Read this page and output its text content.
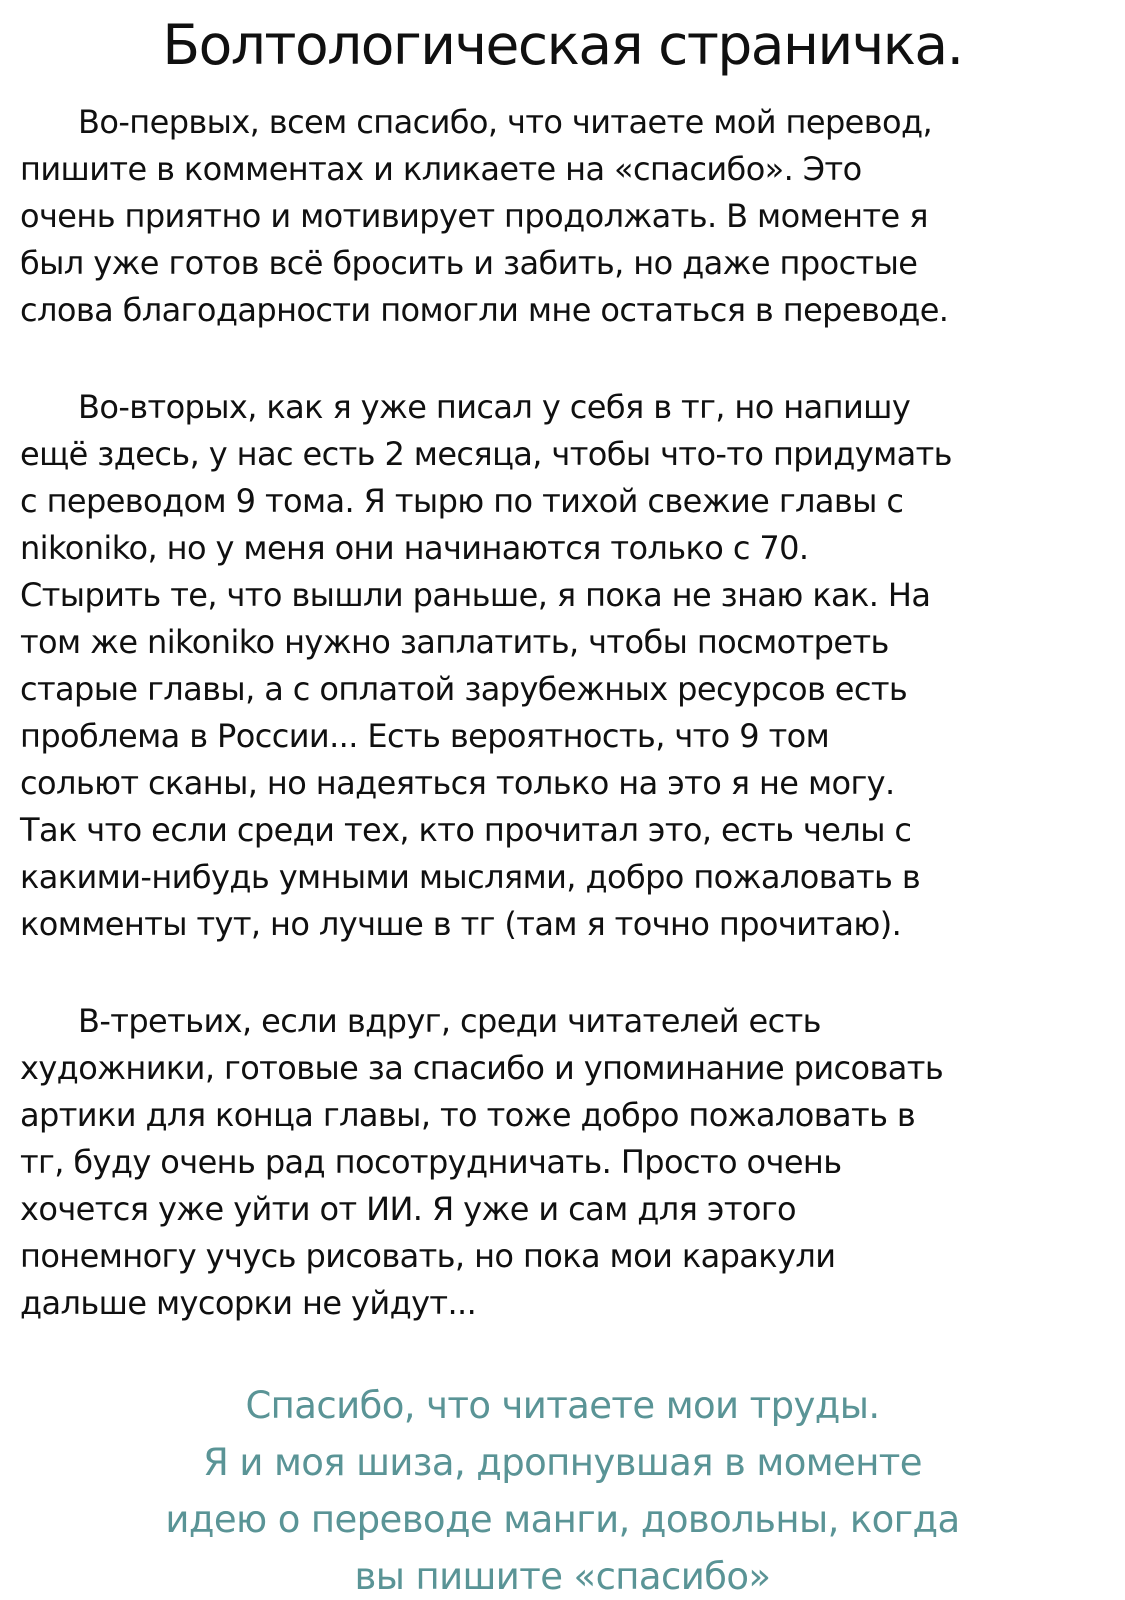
Болтологическая страничка.
Во-первых, всем спасибо, что читаете мой перевод,
пишите в комментах и кликаете на «спасибо». Это
очень приятно и мотивирует продолжать. В моменте я
был уже готов всё бросить и забить, но даже простые
слова благодарности помогли мне остаться в переводе.
Во-вторых, как я уже писал у себя в тг, но напишу
ещё здесь, у нас есть 2 месяца, чтобы что-то придумать
с переводом 9 тома. Я тырю по тихой свежие главы с
nikoniko, но у меня они начинаются только с 70.
Стырить те, что вышли раньше, я пока не знаю как. На
том же nikoniko нужно заплатить, чтобы посмотреть
старые главы, а с оплатой зарубежных ресурсов есть
проблема в России... Есть вероятность, что 9 том
сольют сканы, но надеяться только на это я не могу.
Так что если среди тех, кто прочитал это, есть челы с
какими-нибудь умными мыслями, добро пожаловать в
комменты тут, но лучше в тг (там я точно прочитаю).
В-третьих, если вдруг, среди читателей есть
художники, готовые за спасибо и упоминание рисовать
артики для конца главы, то тоже добро пожаловать в
тг, буду очень рад посотрудничать. Просто очень
хочется уже уйти от ИИ. Я уже и сам для этого
понемногу учусь рисовать, но пока мои каракули
дальше мусорки не уйдут...
Спасибо, что читаете мои труды.
Я и моя шиза, дропнувшая в моменте
идею о переводе манги, довольны, когда
вы пишите «спасибо»
